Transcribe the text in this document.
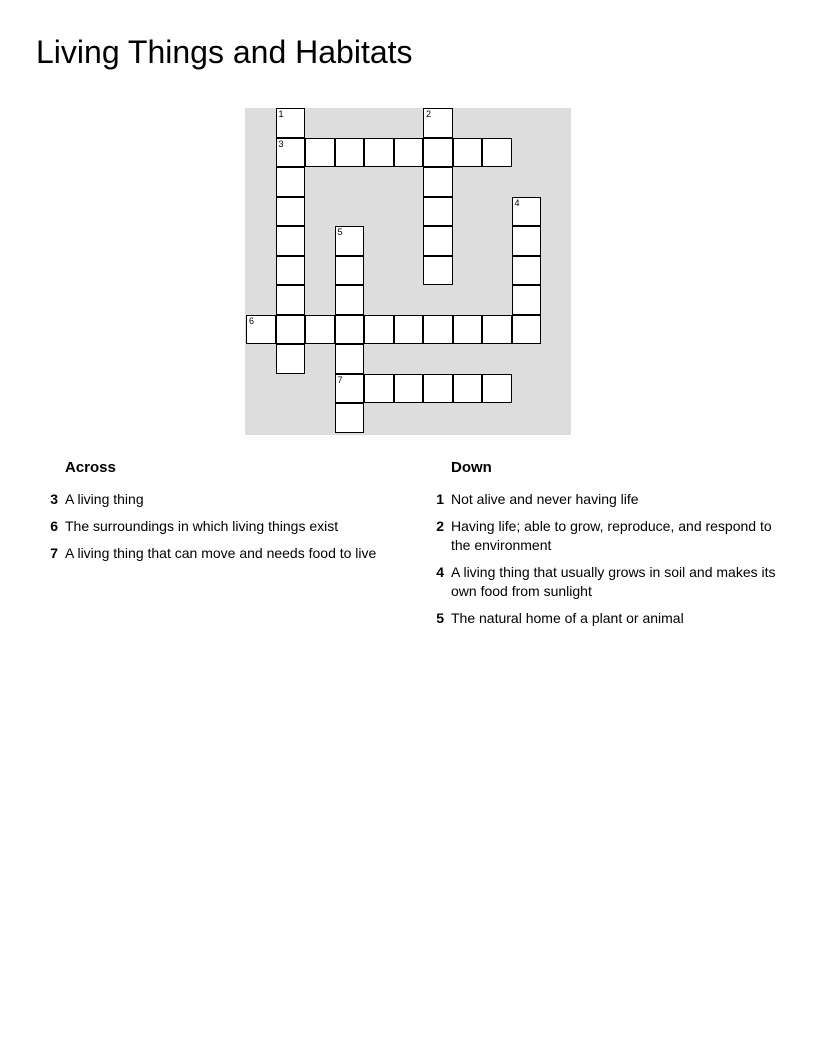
Living Things and Habitats
1	2
3
4
5
6
7
Across
3 A living thing
6 The surroundings in which living things exist
7 A living thing that can move and needs food to live
Down
1 Not alive and never having life
2 Having life; able to grow, reproduce, and respond to the environment
4 A living thing that usually grows in soil and makes its own food from sunlight
5 The natural home of a plant or animal
